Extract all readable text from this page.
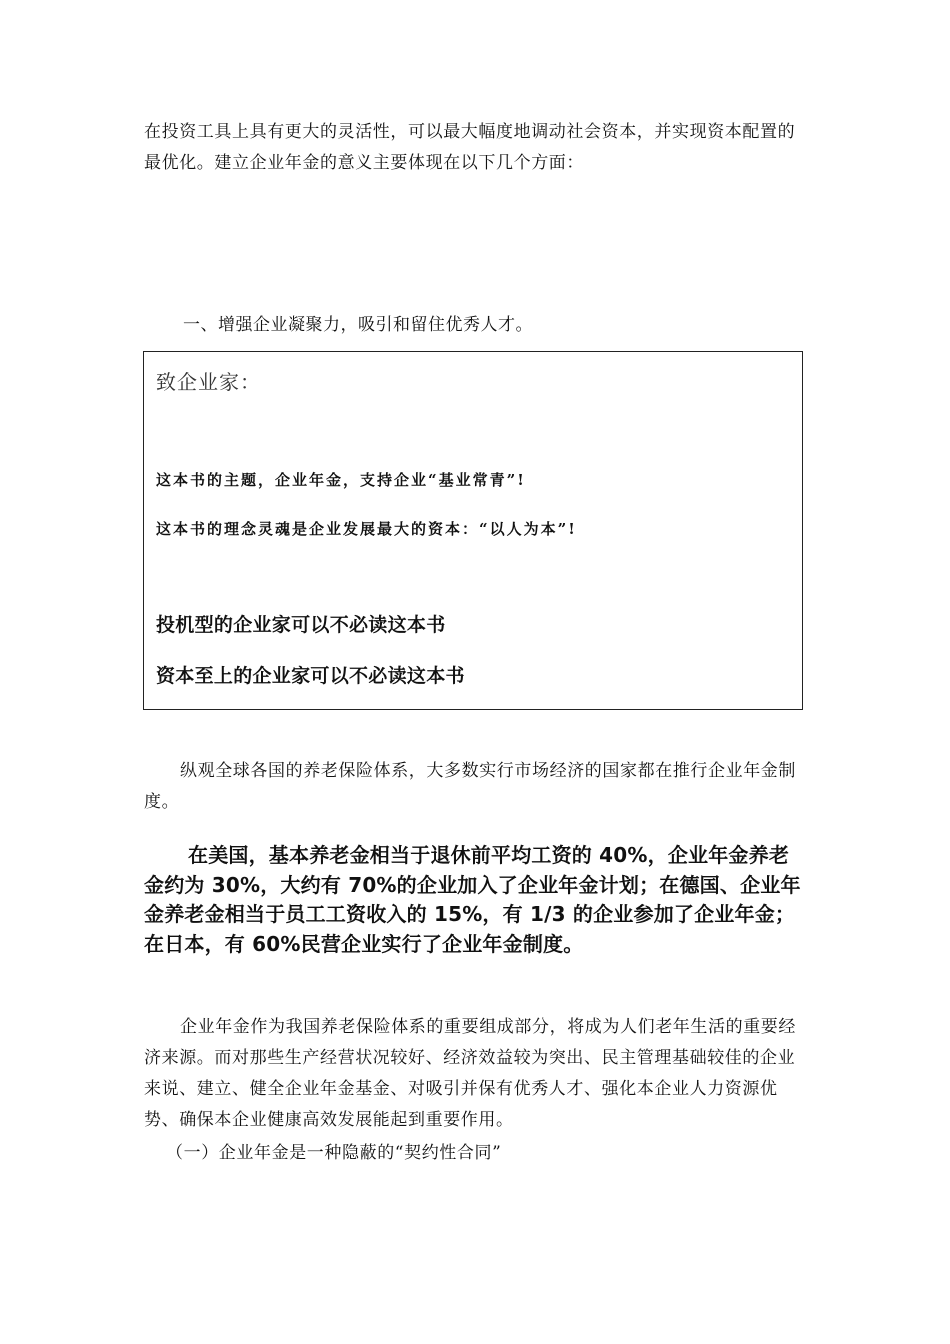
在投资工具上具有更大的灵活性，可以最大幅度地调动社会资本，并实现资本配置的最优化。建立企业年金的意义主要体现在以下几个方面：

一、增强企业凝聚力，吸引和留住优秀人才。

致企业家：
这本书的主题，企业年金，支持企业“基业常青”!
这本书的理念灵魂是企业发展最大的资本：“以人为本”!
投机型的企业家可以不必读这本书
资本至上的企业家可以不必读这本书

纵观全球各国的养老保险体系，大多数实行市场经济的国家都在推行企业年金制度。

在美国，基本养老金相当于退休前平均工资的 40%，企业年金养老金约为 30%，大约有 70%的企业加入了企业年金计划；在德国、企业年金养老金相当于员工工资收入的 15%，有 1/3 的企业参加了企业年金；在日本，有 60%民营企业实行了企业年金制度。

企业年金作为我国养老保险体系的重要组成部分，将成为人们老年生活的重要经济来源。而对那些生产经营状况较好、经济效益较为突出、民主管理基础较佳的企业来说、建立、健全企业年金基金、对吸引并保有优秀人才、强化本企业人力资源优势、确保本企业健康高效发展能起到重要作用。

（一）企业年金是一种隐蔽的“契约性合同”
